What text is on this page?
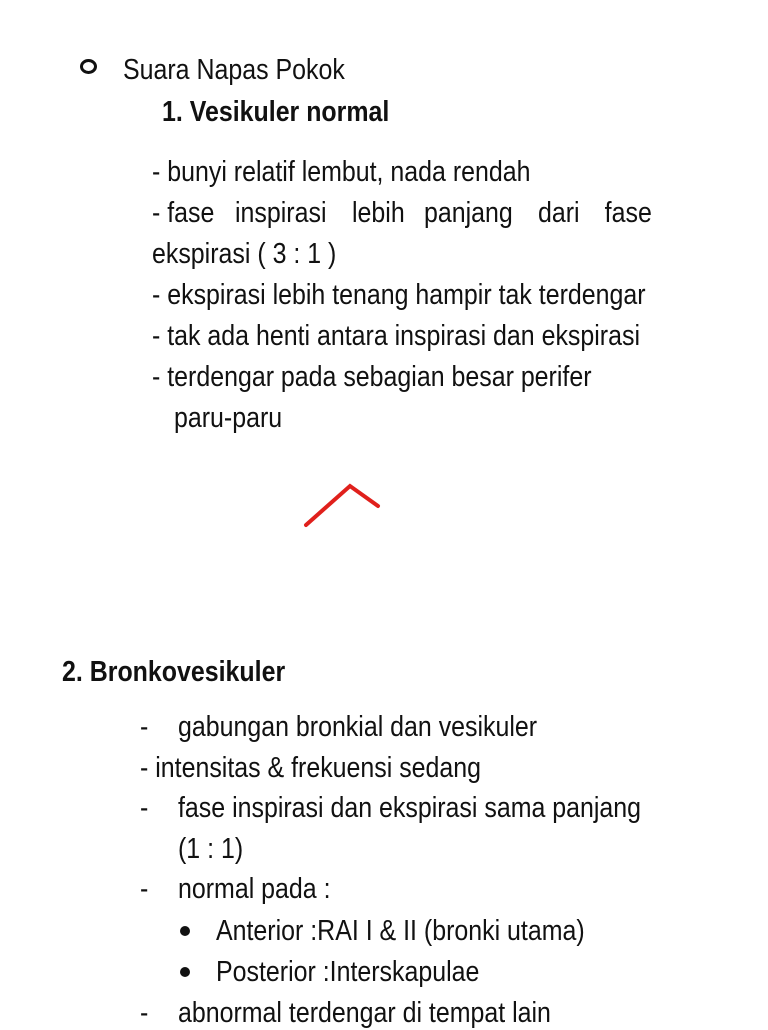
Suara Napas Pokok
1. Vesikuler normal
- bunyi relatif lembut, nada rendah
- fase inspirasi lebih panjang dari fase
ekspirasi ( 3 : 1 )
- ekspirasi lebih tenang hampir tak terdengar
- tak ada henti antara inspirasi dan ekspirasi
- terdengar pada sebagian besar perifer
paru-paru
2. Bronkovesikuler
- gabungan bronkial dan vesikuler
- intensitas & frekuensi sedang
- fase inspirasi dan ekspirasi sama panjang
(1 : 1)
- normal pada :
Anterior :RAI I & II (bronki utama)
Posterior :Interskapulae
- abnormal terdengar di tempat lain
